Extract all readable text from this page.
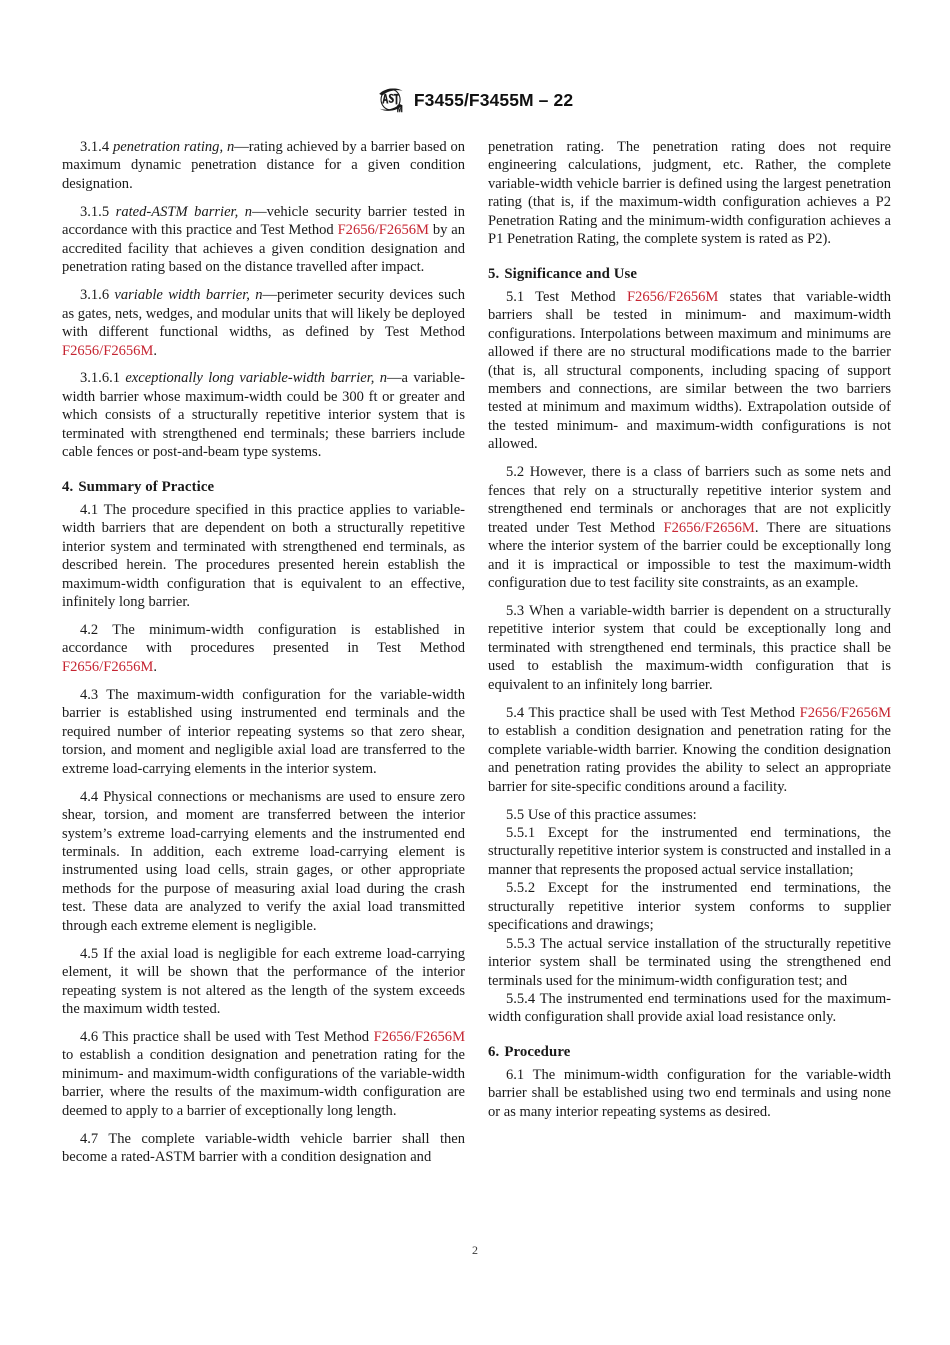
F3455/F3455M – 22

3.1.4 penetration rating, n—rating achieved by a barrier based on maximum dynamic penetration distance for a given condition designation.

3.1.5 rated-ASTM barrier, n—vehicle security barrier tested in accordance with this practice and Test Method F2656/F2656M by an accredited facility that achieves a given condition designation and penetration rating based on the distance travelled after impact.

3.1.6 variable width barrier, n—perimeter security devices such as gates, nets, wedges, and modular units that will likely be deployed with different functional widths, as defined by Test Method F2656/F2656M.

3.1.6.1 exceptionally long variable-width barrier, n—a variable-width barrier whose maximum-width could be 300 ft or greater and which consists of a structurally repetitive interior system that is terminated with strengthened end terminals; these barriers include cable fences or post-and-beam type systems.

4. Summary of Practice

4.1 The procedure specified in this practice applies to variable-width barriers that are dependent on both a structurally repetitive interior system and terminated with strengthened end terminals, as described herein. The procedures presented herein establish the maximum-width configuration that is equivalent to an effective, infinitely long barrier.

4.2 The minimum-width configuration is established in accordance with procedures presented in Test Method F2656/F2656M.

4.3 The maximum-width configuration for the variable-width barrier is established using instrumented end terminals and the required number of interior repeating systems so that zero shear, torsion, and moment and negligible axial load are transferred to the extreme load-carrying elements in the interior system.

4.4 Physical connections or mechanisms are used to ensure zero shear, torsion, and moment are transferred between the interior system’s extreme load-carrying elements and the instrumented end terminals. In addition, each extreme load-carrying element is instrumented using load cells, strain gages, or other appropriate methods for the purpose of measuring axial load during the crash test. These data are analyzed to verify the axial load transmitted through each extreme element is negligible.

4.5 If the axial load is negligible for each extreme load-carrying element, it will be shown that the performance of the interior repeating system is not altered as the length of the system exceeds the maximum width tested.

4.6 This practice shall be used with Test Method F2656/F2656M to establish a condition designation and penetration rating for the minimum- and maximum-width configurations of the variable-width barrier, where the results of the maximum-width configuration are deemed to apply to a barrier of exceptionally long length.

4.7 The complete variable-width vehicle barrier shall then become a rated-ASTM barrier with a condition designation and

penetration rating. The penetration rating does not require engineering calculations, judgment, etc. Rather, the complete variable-width vehicle barrier is defined using the largest penetration rating (that is, if the maximum-width configuration achieves a P2 Penetration Rating and the minimum-width configuration achieves a P1 Penetration Rating, the complete system is rated as P2).

5. Significance and Use

5.1 Test Method F2656/F2656M states that variable-width barriers shall be tested in minimum- and maximum-width configurations. Interpolations between maximum and minimums are allowed if there are no structural modifications made to the barrier (that is, all structural components, including spacing of support members and connections, are similar between the two barriers tested at minimum and maximum widths). Extrapolation outside of the tested minimum- and maximum-width configurations is not allowed.

5.2 However, there is a class of barriers such as some nets and fences that rely on a structurally repetitive interior system and strengthened end terminals or anchorages that are not explicitly treated under Test Method F2656/F2656M. There are situations where the interior system of the barrier could be exceptionally long and it is impractical or impossible to test the maximum-width configuration due to test facility site constraints, as an example.

5.3 When a variable-width barrier is dependent on a structurally repetitive interior system that could be exceptionally long and terminated with strengthened end terminals, this practice shall be used to establish the maximum-width configuration that is equivalent to an infinitely long barrier.

5.4 This practice shall be used with Test Method F2656/F2656M to establish a condition designation and penetration rating for the complete variable-width barrier. Knowing the condition designation and penetration rating provides the ability to select an appropriate barrier for site-specific conditions around a facility.

5.5 Use of this practice assumes:

5.5.1 Except for the instrumented end terminations, the structurally repetitive interior system is constructed and installed in a manner that represents the proposed actual service installation;

5.5.2 Except for the instrumented end terminations, the structurally repetitive interior system conforms to supplier specifications and drawings;

5.5.3 The actual service installation of the structurally repetitive interior system shall be terminated using the strengthened end terminals used for the minimum-width configuration test; and

5.5.4 The instrumented end terminations used for the maximum-width configuration shall provide axial load resistance only.

6. Procedure

6.1 The minimum-width configuration for the variable-width barrier shall be established using two end terminals and using none or as many interior repeating systems as desired.

2
